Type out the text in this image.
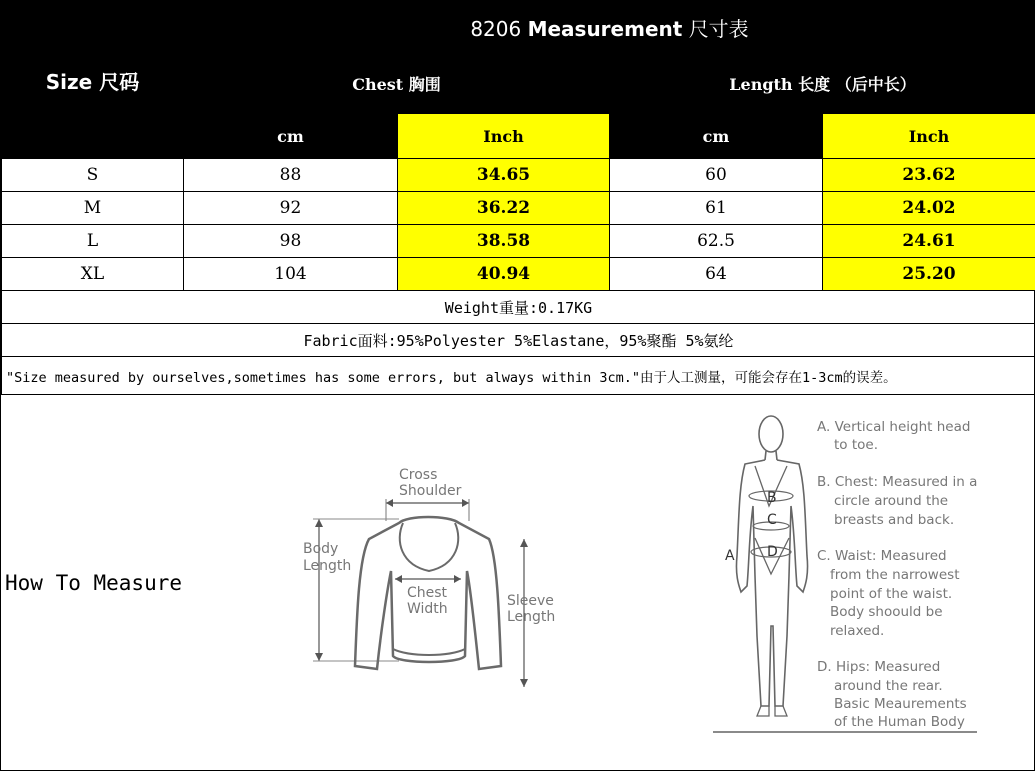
Size 尺码	8206 Measurement 尺寸表			
	Chest 胸围		Length 长度 （后中长）	
	cm	Inch	cm	Inch
S	88	34.65	60	23.62
M	92	36.22	61	24.02
L	98	38.58	62.5	24.61
XL	104	40.94	64	25.20
Weight重量:0.17KG				
Fabric面料:95%Polyester 5%Elastane，95%聚酯 5%氨纶				
"Size measured by ourselves,sometimes has some errors, but always within 3cm."由于人工测量，可能会存在1-3cm的误差。				
How To Measure
Cross
Shoulder
Body
Length
Chest
Width	Sleeve
Length
B
C
D
A
A. Vertical height head
to toe.
B. Chest: Measured in a
circle around the
breasts and back.
C. Waist: Measured
from the narrowest
point of the waist.
Body shoould be
relaxed.
D. Hips: Measured
around the rear.
Basic Meaurements
of the Human Body
